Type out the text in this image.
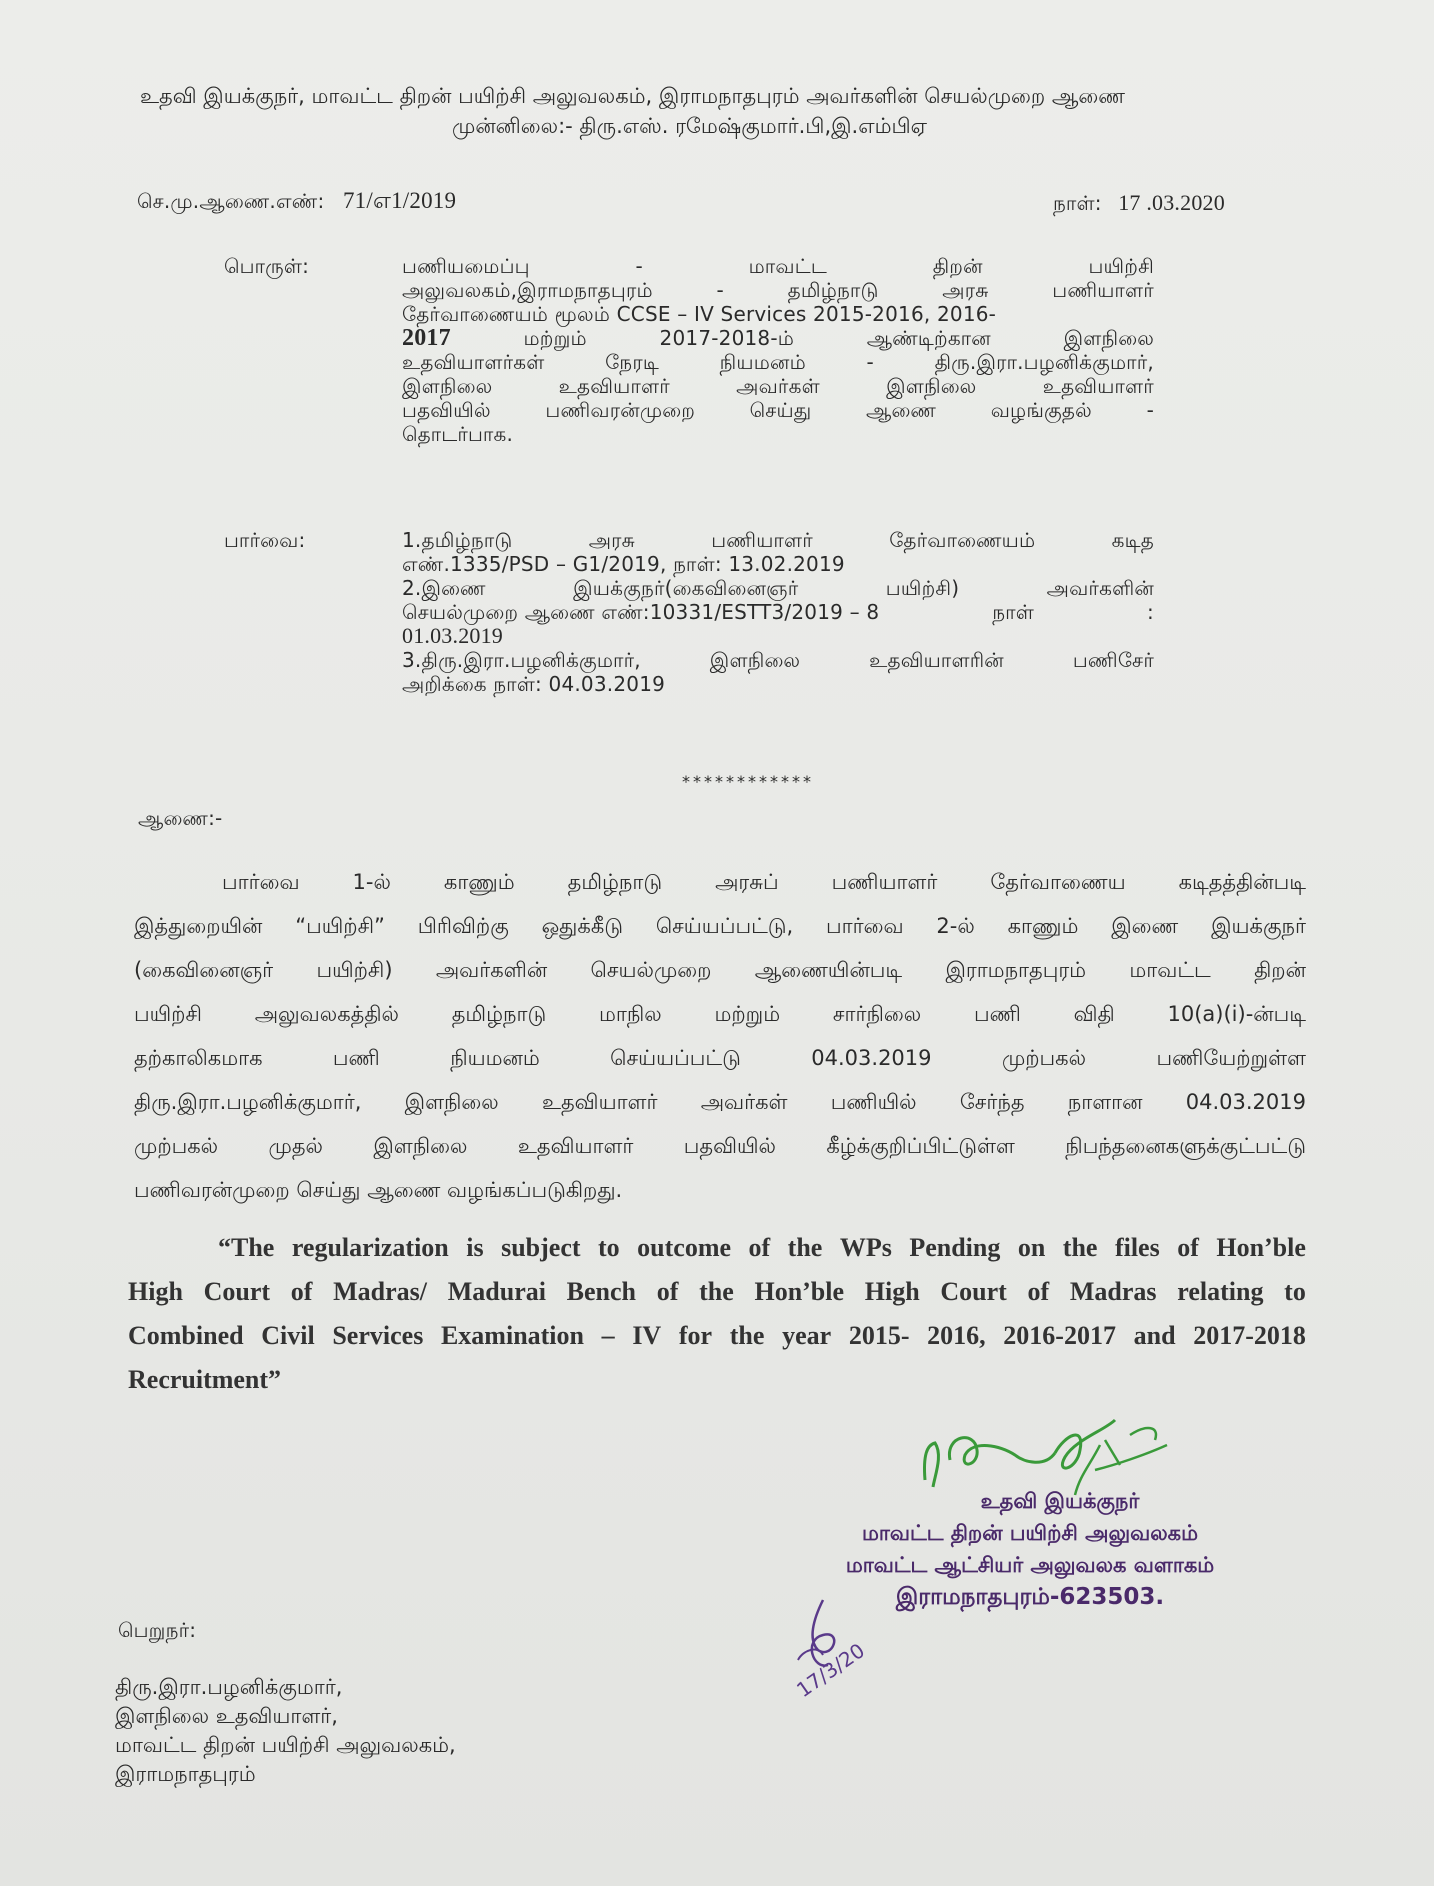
உதவி இயக்குநர், மாவட்ட திறன் பயிற்சி அலுவலகம், இராமநாதபுரம் அவர்களின் செயல்முறை ஆணை
முன்னிலை:- திரு.எஸ். ரமேஷ்குமார்.பி,இ.எம்பிஏ
செ.மு.ஆணை.எண்: 71/எ1/2019	நாள்: 17 .03.2020
பொருள்:	பணியமைப்பு	-	மாவட்ட	திறன்	பயிற்சி
அலுவலகம்,இராமநாதபுரம்	-	தமிழ்நாடு	அரசு	பணியாளர்
தேர்வாணையம் மூலம் CCSE – IV Services 2015-2016, 2016-
2017	மற்றும்	2017-2018-ம்	ஆண்டிற்கான	இளநிலை
உதவியாளர்கள்	நேரடி	நியமனம்	-	திரு.இரா.பழனிக்குமார்,
இளநிலை	உதவியாளர்	அவர்கள்	இளநிலை	உதவியாளர்
பதவியில்	பணிவரன்முறை	செய்து	ஆணை	வழங்குதல்	-
தொடர்பாக.
பார்வை:	1.தமிழ்நாடு	அரசு	பணியாளர்	தேர்வாணையம்	கடித
எண்.1335/PSD – G1/2019, நாள்: 13.02.2019
2.இணை	இயக்குநர்(கைவினைஞர்	பயிற்சி)	அவர்களின்
செயல்முறை ஆணை எண்:10331/ESTT3/2019 – 8	நாள்	:
01.03.2019
3.திரு.இரா.பழனிக்குமார்,	இளநிலை	உதவியாளரின்	பணிசேர்
அறிக்கை நாள்: 04.03.2019
************
ஆணை:-
பார்வை	1-ல்	காணும்	தமிழ்நாடு	அரசுப்	பணியாளர்	தேர்வாணைய	கடிதத்தின்படி
இத்துறையின் “பயிற்சி” பிரிவிற்கு ஒதுக்கீடு செய்யப்பட்டு, பார்வை 2-ல் காணும் இணை இயக்குநர்
(கைவினைஞர் பயிற்சி) அவர்களின் செயல்முறை ஆணையின்படி இராமநாதபுரம் மாவட்ட திறன்
பயிற்சி	அலுவலகத்தில்	தமிழ்நாடு	மாநில	மற்றும்	சார்நிலை	பணி	விதி	10(a)(i)-ன்படி
தற்காலிகமாக	பணி	நியமனம்	செய்யப்பட்டு	04.03.2019	முற்பகல்	பணியேற்றுள்ள
திரு.இரா.பழனிக்குமார், இளநிலை உதவியாளர் அவர்கள் பணியில் சேர்ந்த நாளான 04.03.2019
முற்பகல் முதல் இளநிலை உதவியாளர் பதவியில் கீழ்க்குறிப்பிட்டுள்ள நிபந்தனைகளுக்குட்பட்டு
பணிவரன்முறை செய்து ஆணை வழங்கப்படுகிறது.
“The regularization is subject to outcome of the WPs Pending on the files of Hon’ble
High Court of Madras/ Madurai Bench of the Hon’ble High Court of Madras relating to
Combined Civil Services Examination – IV for the year 2015- 2016, 2016-2017 and 2017-2018
Recruitment”
உதவி இயக்குநர்
மாவட்ட திறன் பயிற்சி அலுவலகம்
மாவட்ட ஆட்சியர் அலுவலக வளாகம்
இராமநாதபுரம்-623503.
17/3/20
பெறுநர்:
திரு.இரா.பழனிக்குமார்,
இளநிலை உதவியாளர்,
மாவட்ட திறன் பயிற்சி அலுவலகம்,
இராமநாதபுரம்
